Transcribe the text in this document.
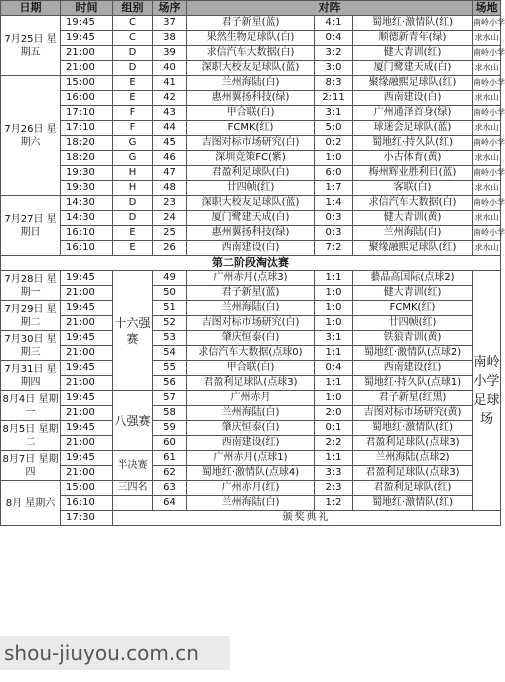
日期	时间	组别	场序	对阵			场地
7月25日 星期五	19:45	C	37	君子新星(蓝)	4:1	蜀地红·激情队(红)	南岭小学
	19:45	C	38	果然生物足球队(白)	0:4	顺德新青年(绿)	求水山
	21:00	D	39	求信汽车大数据(白)	3:2	健大青训(红)	南岭小学
	21:00	D	40	深职大校友足球队(蓝)	3:0	厦门鹭建天成(白)	求水山
7月26日 星期六	15:00	E	41	兰州海陆(白)	8:3	聚缘融熙足球队(红)	南岭小学
	16:00	E	42	惠州翼扬科技(绿)	2:11	西南建设(白)	求水山
	17:10	F	43	甲合联(白)	3:1	广州通泽首身(绿)	南岭小学
	17:10	F	44	FCMK(红)	5:0	球迷会足球队(蓝)	求水山
	18:20	G	45	吉图对标市场研究(白)	0:2	蜀地红·持久队(红)	南岭小学
	18:20	G	46	深圳竞策FC(紫)	1:0	小古体育(黄)	求水山
	19:30	H	47	君盈利足球队(白)	6:0	梅州辉业胜利日(蓝)	南岭小学
	19:30	H	48	廿四帧(红)	1:7	客联(白)	求水山
7月27日 星期日	14:30	D	23	深职大校友足球队(蓝)	1:4	求信汽车大数据(白)	南岭小学
	14:30	D	24	厦门鹭建天成(白)	0:3	健大青训(黄)	求水山
	16:10	E	25	惠州翼扬科技(绿)	0:3	兰州海陆(白)	南岭小学
	16:10	E	26	西南建设(白)	7:2	聚缘融熙足球队(红)	求水山
第二阶段淘汰赛							
7月28日 星期一	19:45	十六强赛	49	广州赤月(点球3)	1:1	藝晶高国际(点球2)	南岭小学足球场
	21:00		50	君子新星(蓝)	1:0	健大青训(红)	
7月29日 星期二	19:45		51	兰州海陆(白)	1:0	FCMK(红)	
	21:00		52	吉图对标市场研究(白)	1:0	廿四帧(红)	
7月30日 星期三	19:45		53	肇庆恒泰(白)	3:1	铁狼青训(黄)	
	21:00		54	求信汽车大数据(点球0)	1:1	蜀地红·激情队(点球2)	
7月31日 星期四	19:45		55	甲合联(白)	0:4	西南建设(红)	
	21:00		56	君盈利足球队(点球3)	1:1	蜀地红·持久队(点球1)	
8月4日 星期一	19:45	八强赛	57	广州赤月	1:0	君子新星(红黑)	
	21:00		58	兰州海陆(白)	2:0	吉图对标市场研究(黄)	
8月5日 星期二	19:45		59	肇庆恒泰(白)	0:1	蜀地红·激情队(红)	
	21:00		60	西南建设(红)	2:2	君盈利足球队(点球3)	
8月7日 星期四	19:45	半决赛	61	广州赤月(点球1)	1:1	兰州海陆(点球2)	
	21:00		62	蜀地红·激情队(点球4)	3:3	君盈利足球队(点球3)	
8月 星期六	15:00	三四名	63	广州赤月(红)	2:3	君盈利足球队(红)	
	16:10		64	兰州海陆(白)	1:2	蜀地红·激情队(红)	
	17:30	颁奖典礼					
shou-jiuyou.com.cn
